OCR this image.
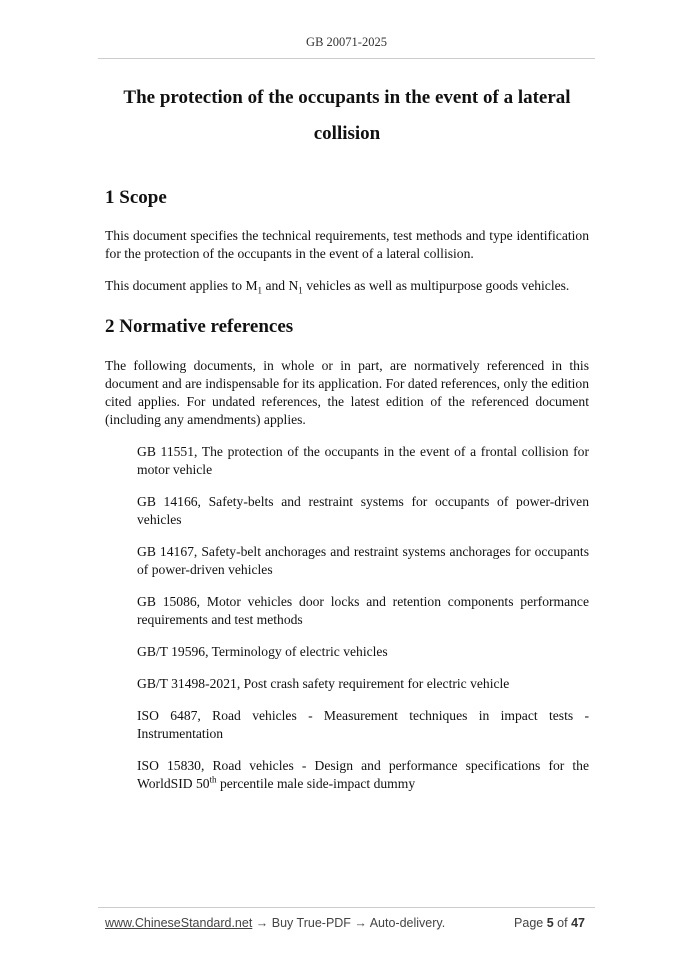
GB 20071-2025
The protection of the occupants in the event of a lateral
collision
1 Scope

This document specifies the technical requirements, test methods and type identification for the protection of the occupants in the event of a lateral collision.

This document applies to $M_1$ and $N_1$ vehicles as well as multipurpose goods vehicles.

2 Normative references

The following documents, in whole or in part, are normatively referenced in this document and are indispensable for its application. For dated references, only the edition cited applies. For undated references, the latest edition of the referenced document (including any amendments) applies.

GB 11551, The protection of the occupants in the event of a frontal collision for motor vehicle

GB 14166, Safety-belts and restraint systems for occupants of power-driven vehicles

GB 14167, Safety-belt anchorages and restraint systems anchorages for occupants of power-driven vehicles

GB 15086, Motor vehicles door locks and retention components performance requirements and test methods

GB/T 19596, Terminology of electric vehicles

GB/T 31498-2021, Post crash safety requirement for electric vehicle

ISO 6487, Road vehicles - Measurement techniques in impact tests - Instrumentation

ISO 15830, Road vehicles - Design and performance specifications for the WorldSID 50th percentile male side-impact dummy

www.ChineseStandard.net → Buy True-PDF → Auto-delivery.	Page 5 of 47
